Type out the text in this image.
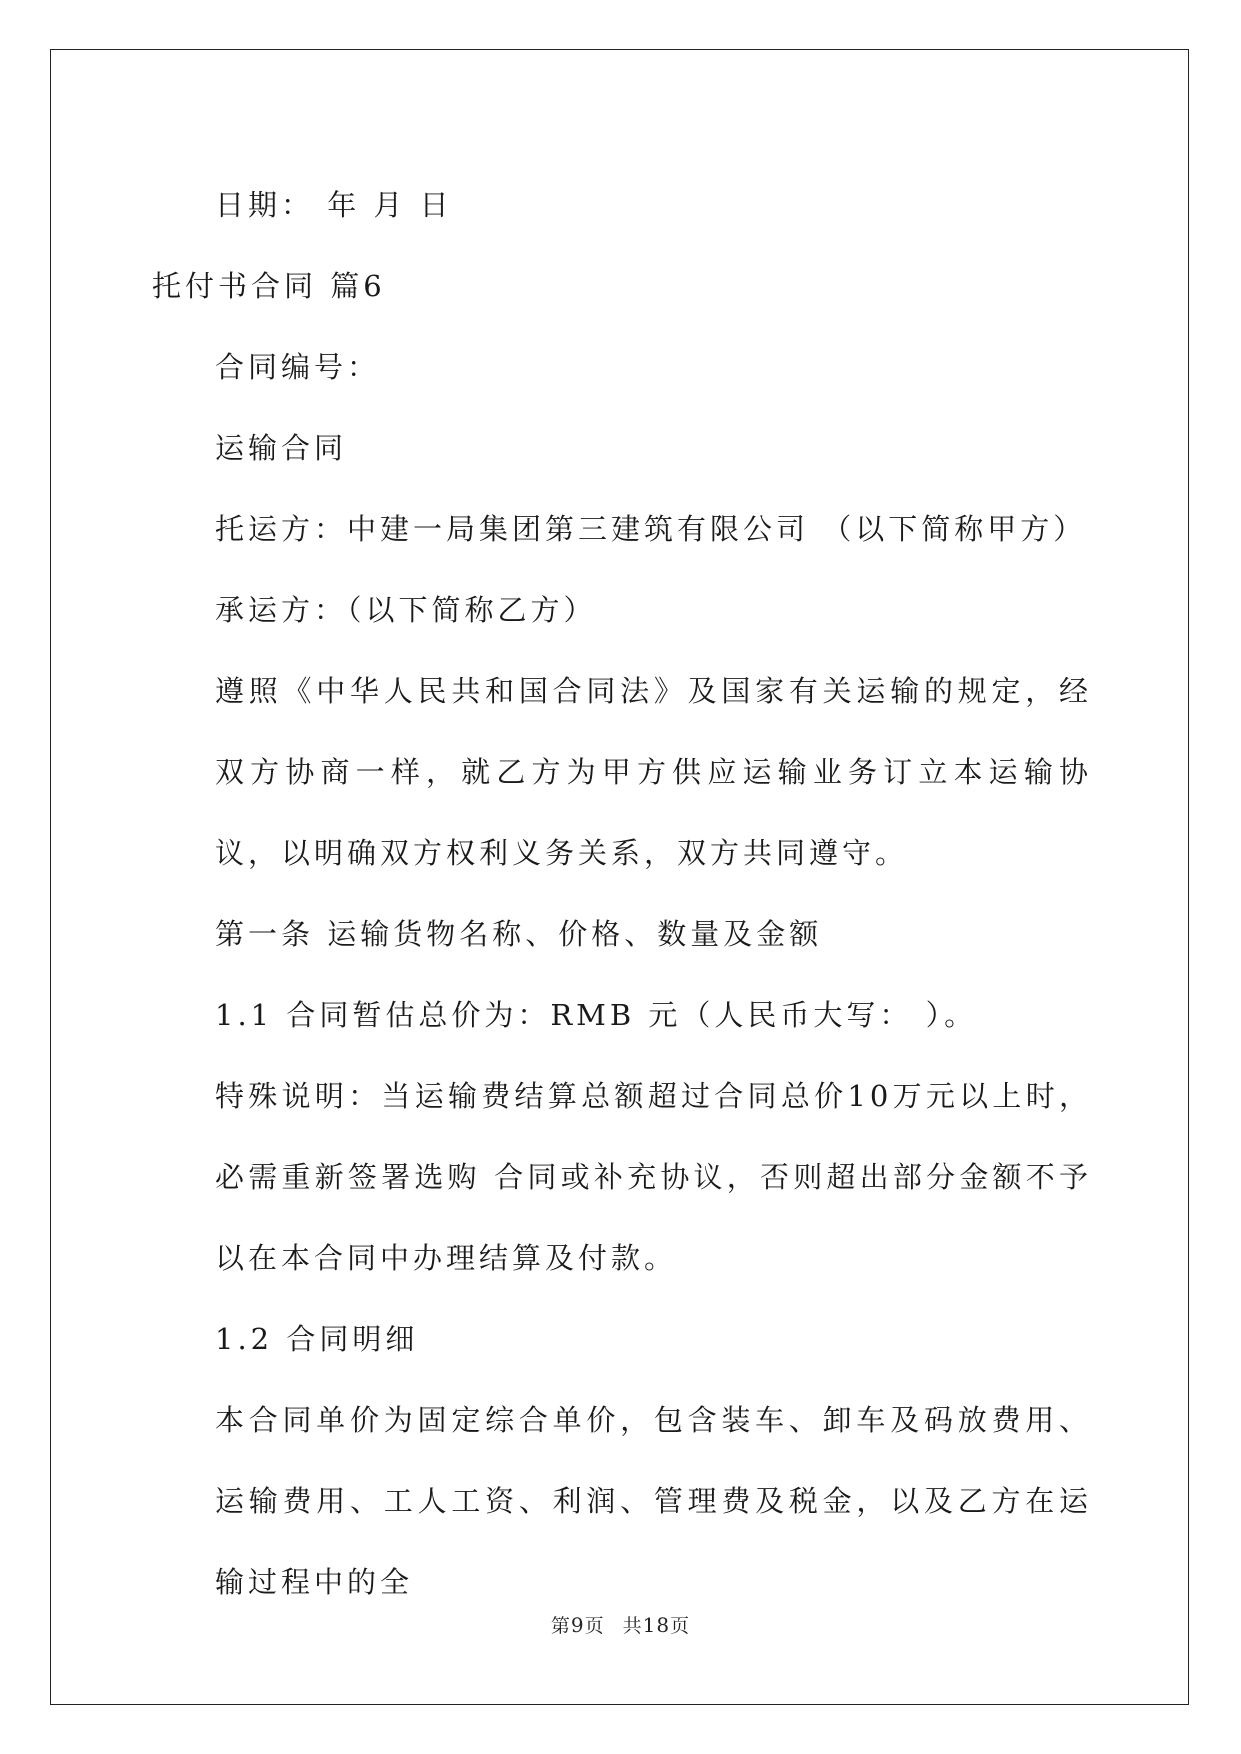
日期： 年 月 日

托付书合同 篇6

合同编号：

运输合同

托运方：中建一局集团第三建筑有限公司 （以下简称甲方）

承运方：（以下简称乙方）

遵照《中华人民共和国合同法》及国家有关运输的规定，经双方协商一样，就乙方为甲方供应运输业务订立本运输协议，以明确双方权利义务关系，双方共同遵守。

第一条 运输货物名称、价格、数量及金额

1.1 合同暂估总价为：RMB 元（人民币大写： ）。

特殊说明：当运输费结算总额超过合同总价10万元以上时，必需重新签署选购 合同或补充协议，否则超出部分金额不予以在本合同中办理结算及付款。

1.2 合同明细

本合同单价为固定综合单价，包含装车、卸车及码放费用、运输费用、工人工资、利润、管理费及税金，以及乙方在运输过程中的全

第9页 共18页
